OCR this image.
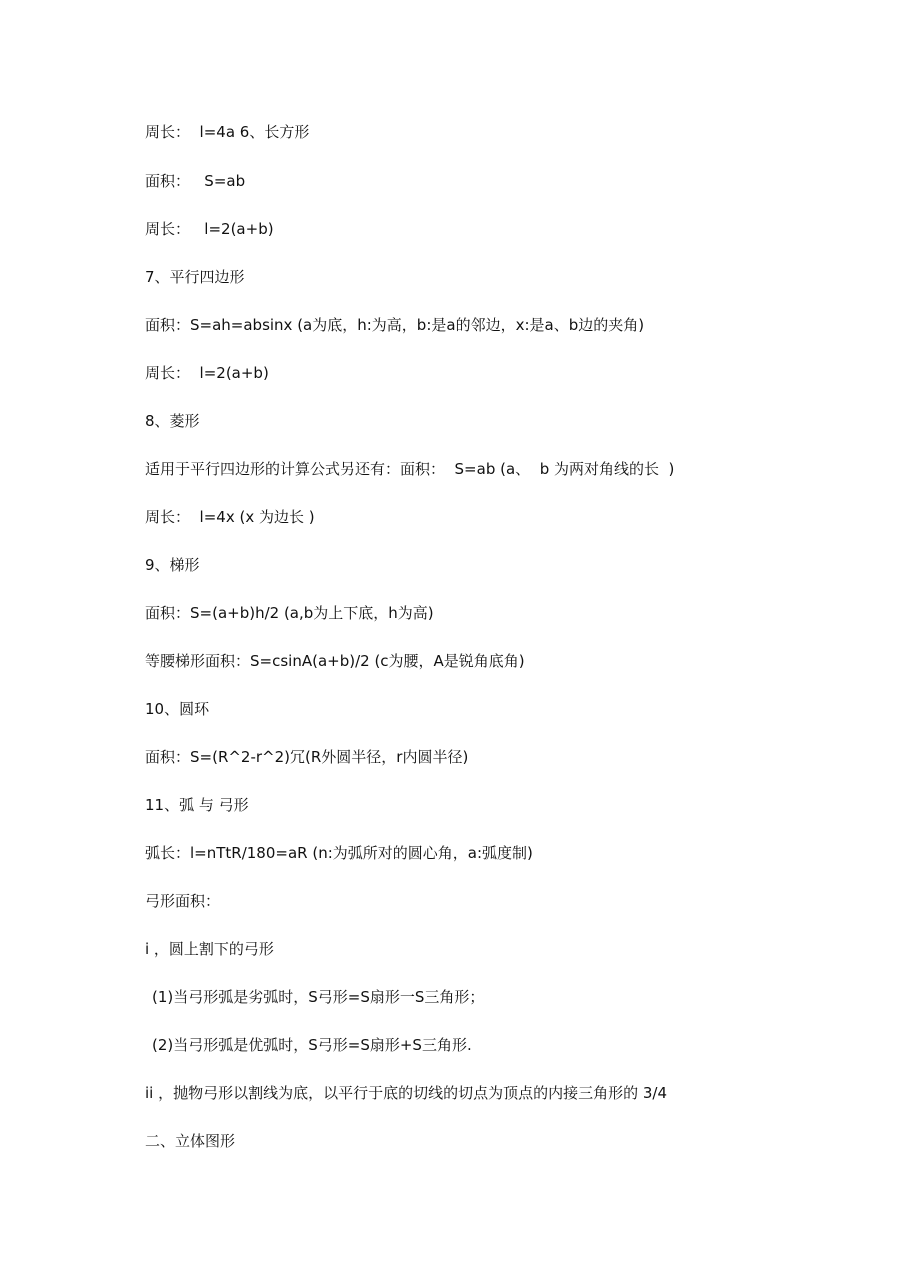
周长：  l=4a 6、长方形
面积：   S=ab
周长：   l=2(a+b)
7、平行四边形
面积：S=ah=absinx (a为底，h:为高，b:是a的邻边，x:是a、b边的夹角)
周长：  l=2(a+b)
8、菱形
适用于平行四边形的计算公式另还有：面积：  S=ab (a、  b 为两对角线的长  )
周长：  l=4x (x 为边长 )
9、梯形
面积：S=(a+b)h/2 (a,b为上下底，h为高)
等腰梯形面积：S=csinA(a+b)/2 (c为腰，A是锐角底角)
10、圆环
面积：S=(R^2-r^2)冗(R外圆半径，r内圆半径)
11、弧 与 弓形
弧长：l=nTtR/180=aR (n:为弧所对的圆心角，a:弧度制)
弓形面积：
i ，圆上割下的弓形
(1)当弓形弧是劣弧时，S弓形=S扇形一S三角形；
(2)当弓形弧是优弧时，S弓形=S扇形+S三角形.
ii ，抛物弓形以割线为底，以平行于底的切线的切点为顶点的内接三角形的 3/4
二、立体图形
